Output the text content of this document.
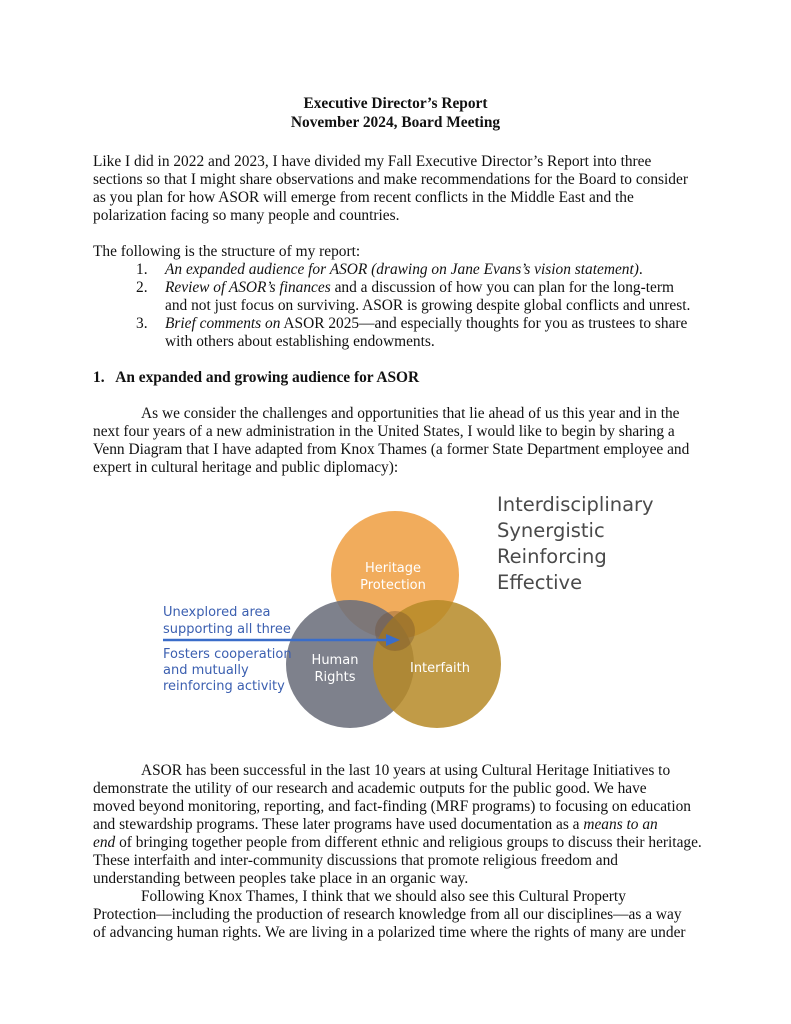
Executive Director’s Report
November 2024, Board Meeting
Like I did in 2022 and 2023, I have divided my Fall Executive Director’s Report into three
sections so that I might share observations and make recommendations for the Board to consider
as you plan for how ASOR will emerge from recent conflicts in the Middle East and the
polarization facing so many people and countries.
The following is the structure of my report:
1. An expanded audience for ASOR (drawing on Jane Evans’s vision statement).
2. Review of ASOR’s finances and a discussion of how you can plan for the long-term
and not just focus on surviving. ASOR is growing despite global conflicts and unrest.
3. Brief comments on ASOR 2025—and especially thoughts for you as trustees to share
with others about establishing endowments.
1.   An expanded and growing audience for ASOR
As we consider the challenges and opportunities that lie ahead of us this year and in the
next four years of a new administration in the United States, I would like to begin by sharing a
Venn Diagram that I have adapted from Knox Thames (a former State Department employee and
expert in cultural heritage and public diplomacy):
Heritage
Protection
Human
Rights
Interfaith
Unexplored area
supporting all three
Fosters cooperation
and mutually
reinforcing activity
Interdisciplinary
Synergistic
Reinforcing
Effective
ASOR has been successful in the last 10 years at using Cultural Heritage Initiatives to
demonstrate the utility of our research and academic outputs for the public good. We have
moved beyond monitoring, reporting, and fact-finding (MRF programs) to focusing on education
and stewardship programs. These later programs have used documentation as a means to an
end of bringing together people from different ethnic and religious groups to discuss their heritage.
These interfaith and inter-community discussions that promote religious freedom and
understanding between peoples take place in an organic way.
Following Knox Thames, I think that we should also see this Cultural Property
Protection—including the production of research knowledge from all our disciplines—as a way
of advancing human rights. We are living in a polarized time where the rights of many are under
